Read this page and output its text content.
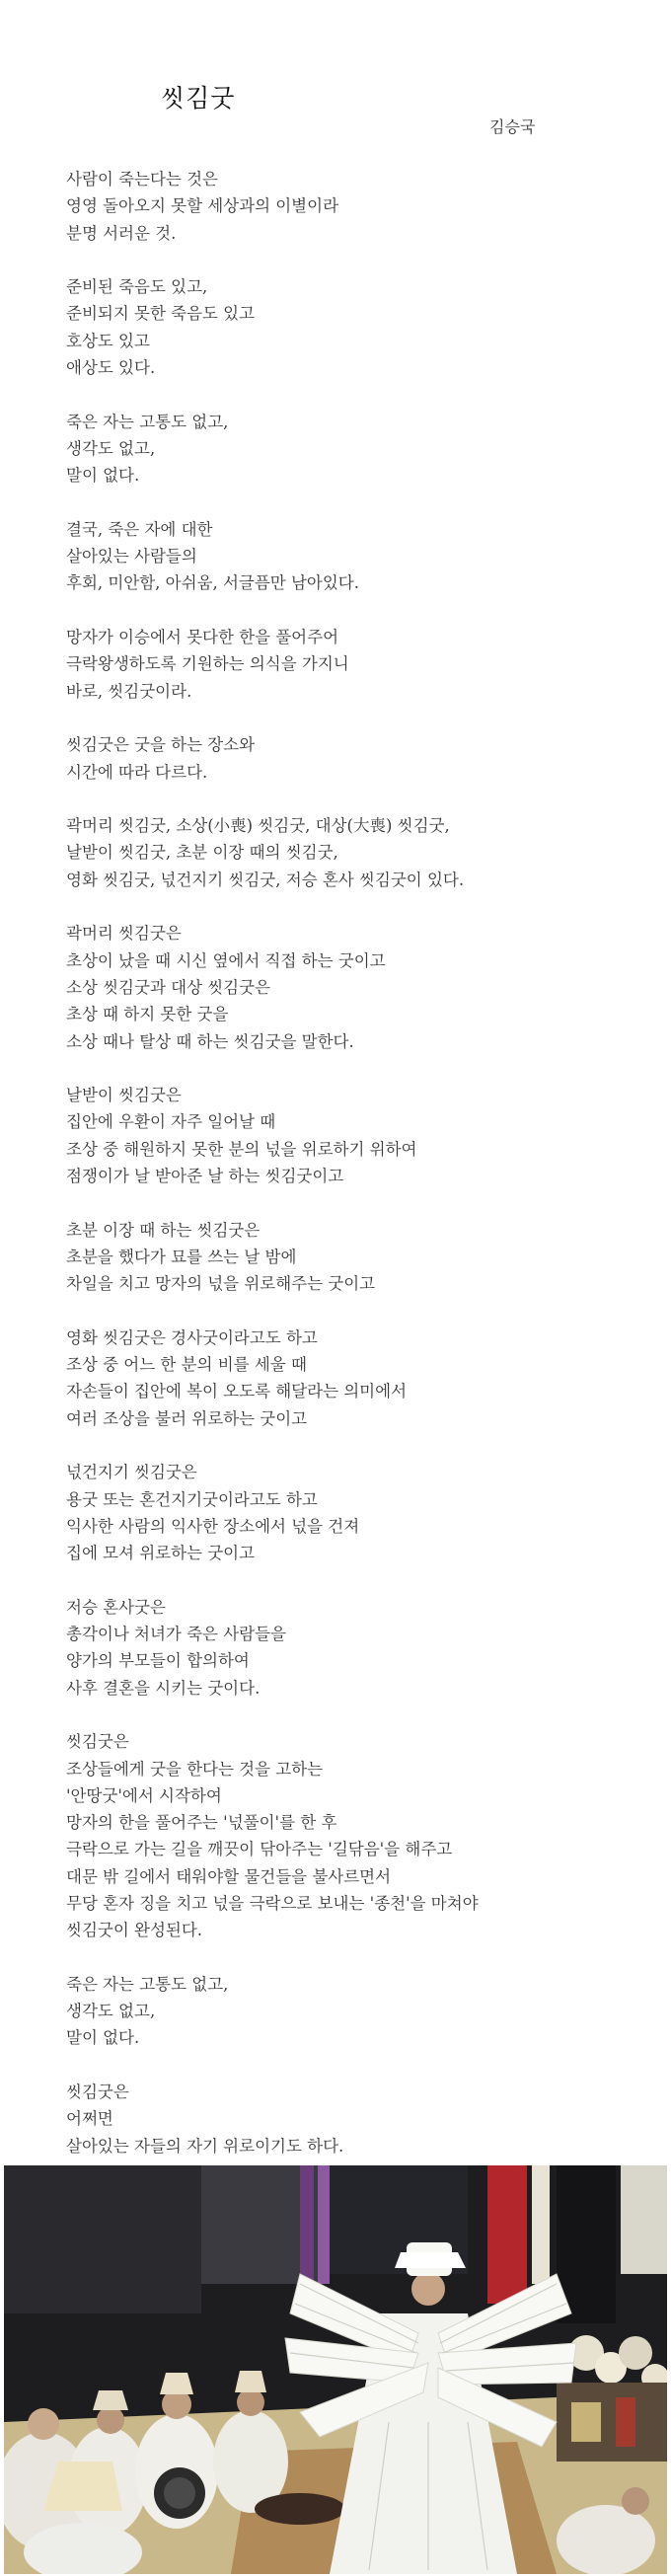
씻김굿
김승국
사람이 죽는다는 것은
영영 돌아오지 못할 세상과의 이별이라
분명 서러운 것.
준비된 죽음도 있고,
준비되지 못한 죽음도 있고
호상도 있고
애상도 있다.
죽은 자는 고통도 없고,
생각도 없고,
말이 없다.
결국, 죽은 자에 대한
살아있는 사람들의
후회, 미안함, 아쉬움, 서글픔만 남아있다.
망자가 이승에서 못다한 한을 풀어주어
극락왕생하도록 기원하는 의식을 가지니
바로, 씻김굿이라.
씻김굿은 굿을 하는 장소와
시간에 따라 다르다.
곽머리 씻김굿, 소상(小喪) 씻김굿, 대상(大喪) 씻김굿,
날받이 씻김굿, 초분 이장 때의 씻김굿,
영화 씻김굿, 넋건지기 씻김굿, 저승 혼사 씻김굿이 있다.
곽머리 씻김굿은
초상이 났을 때 시신 옆에서 직접 하는 굿이고
소상 씻김굿과 대상 씻김굿은
초상 때 하지 못한 굿을
소상 때나 탈상 때 하는 씻김굿을 말한다.
날받이 씻김굿은
집안에 우환이 자주 일어날 때
조상 중 해원하지 못한 분의 넋을 위로하기 위하여
점쟁이가 날 받아준 날 하는 씻김굿이고
초분 이장 때 하는 씻김굿은
초분을 했다가 묘를 쓰는 날 밤에
차일을 치고 망자의 넋을 위로해주는 굿이고
영화 씻김굿은 경사굿이라고도 하고
조상 중 어느 한 분의 비를 세울 때
자손들이 집안에 복이 오도록 해달라는 의미에서
여러 조상을 불러 위로하는 굿이고
넋건지기 씻김굿은
용굿 또는 혼건지기굿이라고도 하고
익사한 사람의 익사한 장소에서 넋을 건져
집에 모셔 위로하는 굿이고
저승 혼사굿은
총각이나 처녀가 죽은 사람들을
양가의 부모들이 합의하여
사후 결혼을 시키는 굿이다.
씻김굿은
조상들에게 굿을 한다는 것을 고하는
'안땅굿'에서 시작하여
망자의 한을 풀어주는 '넋풀이'를 한 후
극락으로 가는 길을 깨끗이 닦아주는 '길닦음'을 해주고
대문 밖 길에서 태워야할 물건들을 불사르면서
무당 혼자 징을 치고 넋을 극락으로 보내는 '종천'을 마쳐야
씻김굿이 완성된다.
죽은 자는 고통도 없고,
생각도 없고,
말이 없다.
씻김굿은
어쩌면
살아있는 자들의 자기 위로이기도 하다.
